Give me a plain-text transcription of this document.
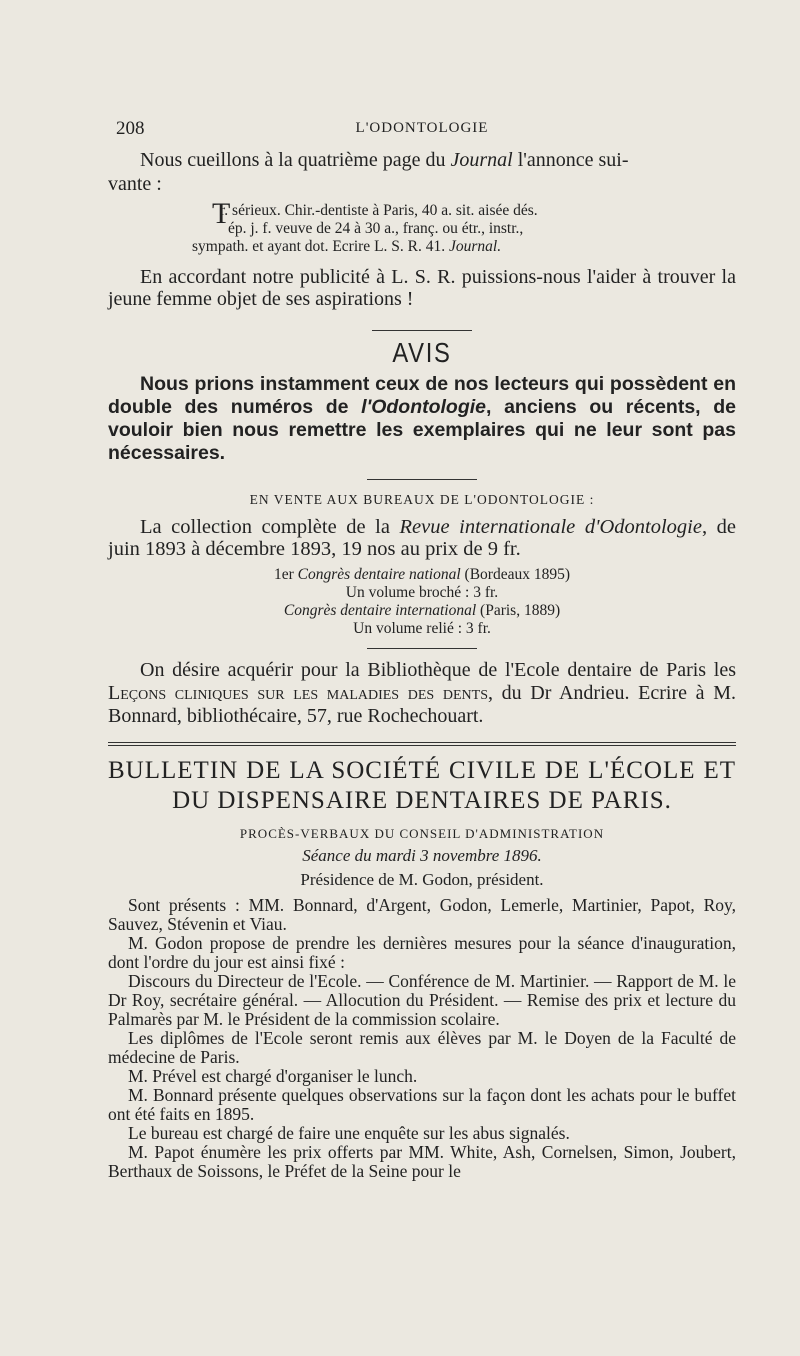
208	L'ODONTOLOGIE

Nous cueillons à la quatrième page du Journal l'annonce sui-

vante :

T
r. sérieux. Chir.-dentiste à Paris, 40 a. sit. aisée dés.
ép. j. f. veuve de 24 à 30 a., franç. ou étr., instr.,
sympath. et ayant dot. Ecrire L. S. R. 41. Journal.

En accordant notre publicité à L. S. R. puissions-nous l'aider à trouver la jeune femme objet de ses aspirations !

AVIS

Nous prions instamment ceux de nos lecteurs qui possèdent en double des numéros de l'Odontologie, anciens ou récents, de vouloir bien nous remettre les exemplaires qui ne leur sont pas nécessaires.

EN VENTE AUX BUREAUX DE L'ODONTOLOGIE :

La collection complète de la Revue internationale d'Odontologie, de juin 1893 à décembre 1893, 19 nos au prix de 9 fr.

1er Congrès dentaire national (Bordeaux 1895)
Un volume broché : 3 fr.
Congrès dentaire international (Paris, 1889)
Un volume relié : 3 fr.

On désire acquérir pour la Bibliothèque de l'Ecole dentaire de Paris les Leçons cliniques sur les maladies des dents, du Dr Andrieu. Ecrire à M. Bonnard, bibliothécaire, 57, rue Rochechouart.

BULLETIN DE LA SOCIÉTÉ CIVILE DE L'ÉCOLE ET DU DISPENSAIRE DENTAIRES DE PARIS.
PROCÈS-VERBAUX DU CONSEIL D'ADMINISTRATION
Séance du mardi 3 novembre 1896.
Présidence de M. Godon, président.

Sont présents : MM. Bonnard, d'Argent, Godon, Lemerle, Martinier, Papot, Roy, Sauvez, Stévenin et Viau.

M. Godon propose de prendre les dernières mesures pour la séance d'inauguration, dont l'ordre du jour est ainsi fixé :

Discours du Directeur de l'Ecole. — Conférence de M. Martinier. — Rapport de M. le Dr Roy, secrétaire général. — Allocution du Président. — Remise des prix et lecture du Palmarès par M. le Président de la commission scolaire.

Les diplômes de l'Ecole seront remis aux élèves par M. le Doyen de la Faculté de médecine de Paris.

M. Prével est chargé d'organiser le lunch.

M. Bonnard présente quelques observations sur la façon dont les achats pour le buffet ont été faits en 1895.

Le bureau est chargé de faire une enquête sur les abus signalés.

M. Papot énumère les prix offerts par MM. White, Ash, Cornelsen, Simon, Joubert, Berthaux de Soissons, le Préfet de la Seine pour le
